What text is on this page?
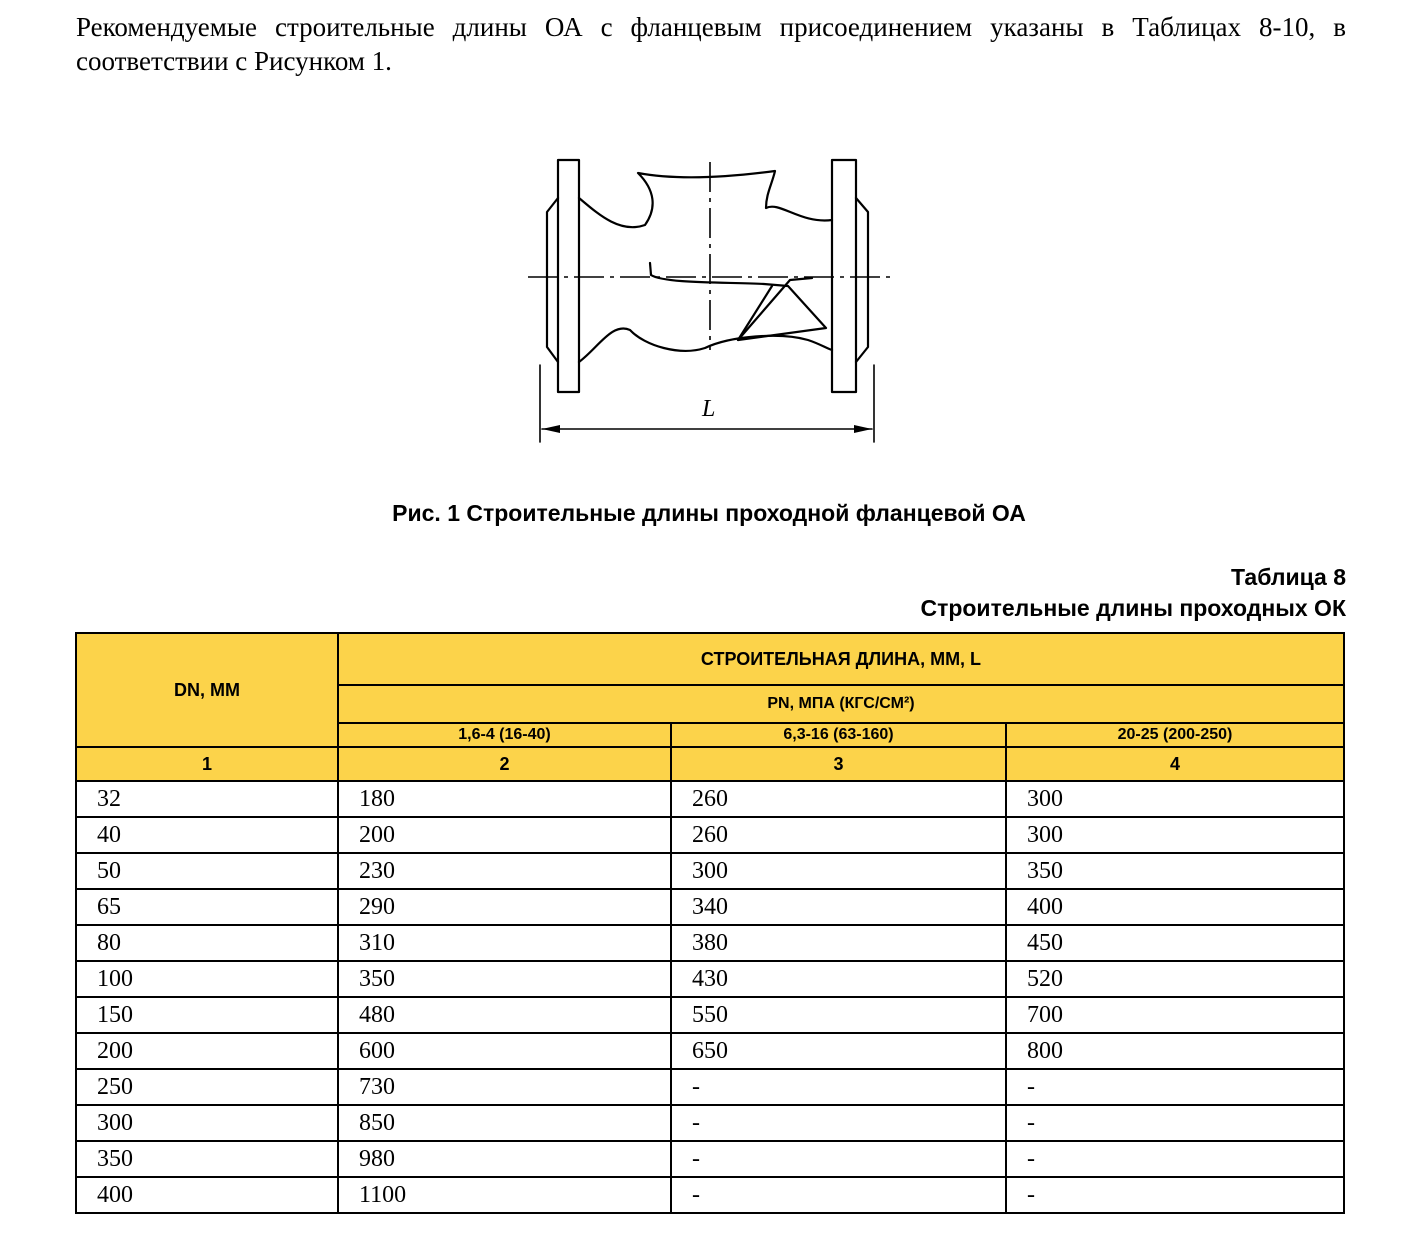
Рекомендуемые строительные длины ОА с фланцевым присоединением указаны в Таблицах 8-10, в соответствии с Рисунком 1.

L
Рис. 1 Строительные длины проходной фланцевой ОА
Таблица 8
Строительные длины проходных ОК
DN, ММ	СТРОИТЕЛЬНАЯ ДЛИНА, ММ, L		
	PN, МПА (КГС/СМ²)		
	1,6-4 (16-40)	6,3-16 (63-160)	20-25 (200-250)
1	2	3	4
32	180	260	300
40	200	260	300
50	230	300	350
65	290	340	400
80	310	380	450
100	350	430	520
150	480	550	700
200	600	650	800
250	730	-	-
300	850	-	-
350	980	-	-
400	1100	-	-
